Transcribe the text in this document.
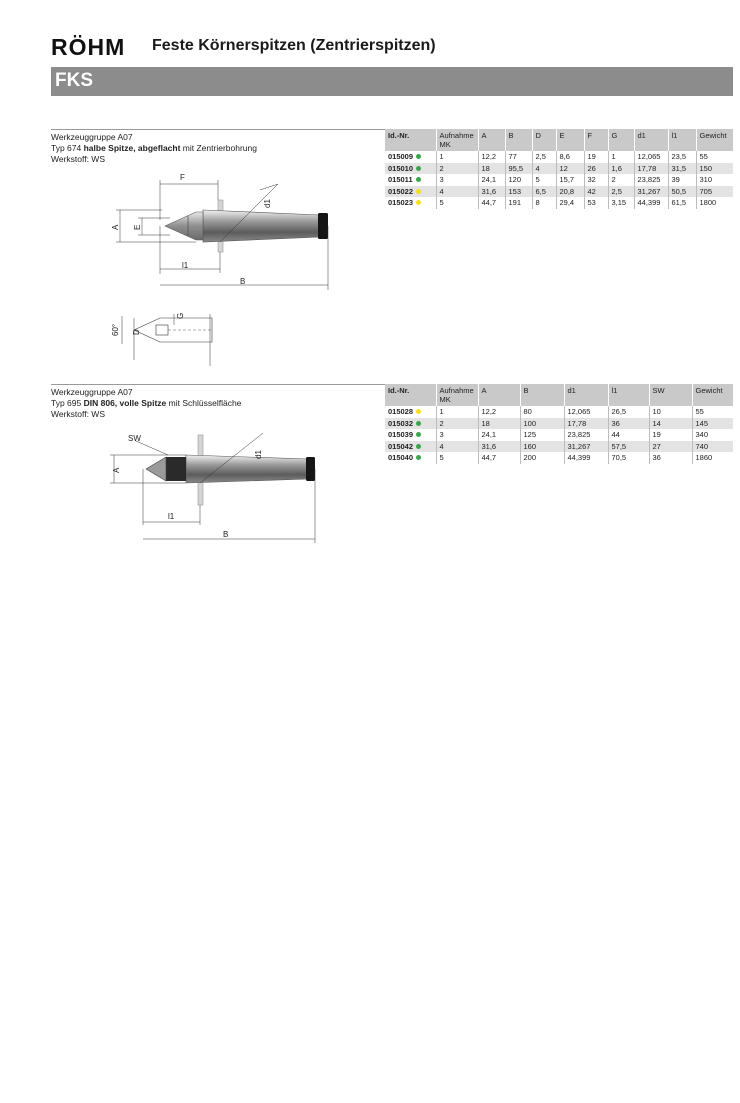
RÖHM Feste Körnerspitzen (Zentrierspitzen)
FKS
Werkzeuggruppe A07
Typ 674 halbe Spitze, abgeflacht mit Zentrierbohrung
Werkstoff: WS
F
d1
A E
l1
B
60° D
G
Id.-Nr.	Aufnahme MK	A	B	D	E	F	G	d1	l1	Gewicht
015009	1	12,2	77	2,5	8,6	19	1	12,065	23,5	55
015010	2	18	95,5	4	12	26	1,6	17,78	31,5	150
015011	3	24,1	120	5	15,7	32	2	23,825	39	310
015022	4	31,6	153	6,5	20,8	42	2,5	31,267	50,5	705
015023	5	44,7	191	8	29,4	53	3,15	44,399	61,5	1800
Werkzeuggruppe A07
Typ 695 DIN 806, volle Spitze mit Schlüsselfläche
Werkstoff: WS
SW
d1
A
l1
B
Id.-Nr.	Aufnahme MK	A	B	d1	l1	SW	Gewicht
015028	1	12,2	80	12,065	26,5	10	55
015032	2	18	100	17,78	36	14	145
015039	3	24,1	125	23,825	44	19	340
015042	4	31,6	160	31,267	57,5	27	740
015040	5	44,7	200	44,399	70,5	36	1860
